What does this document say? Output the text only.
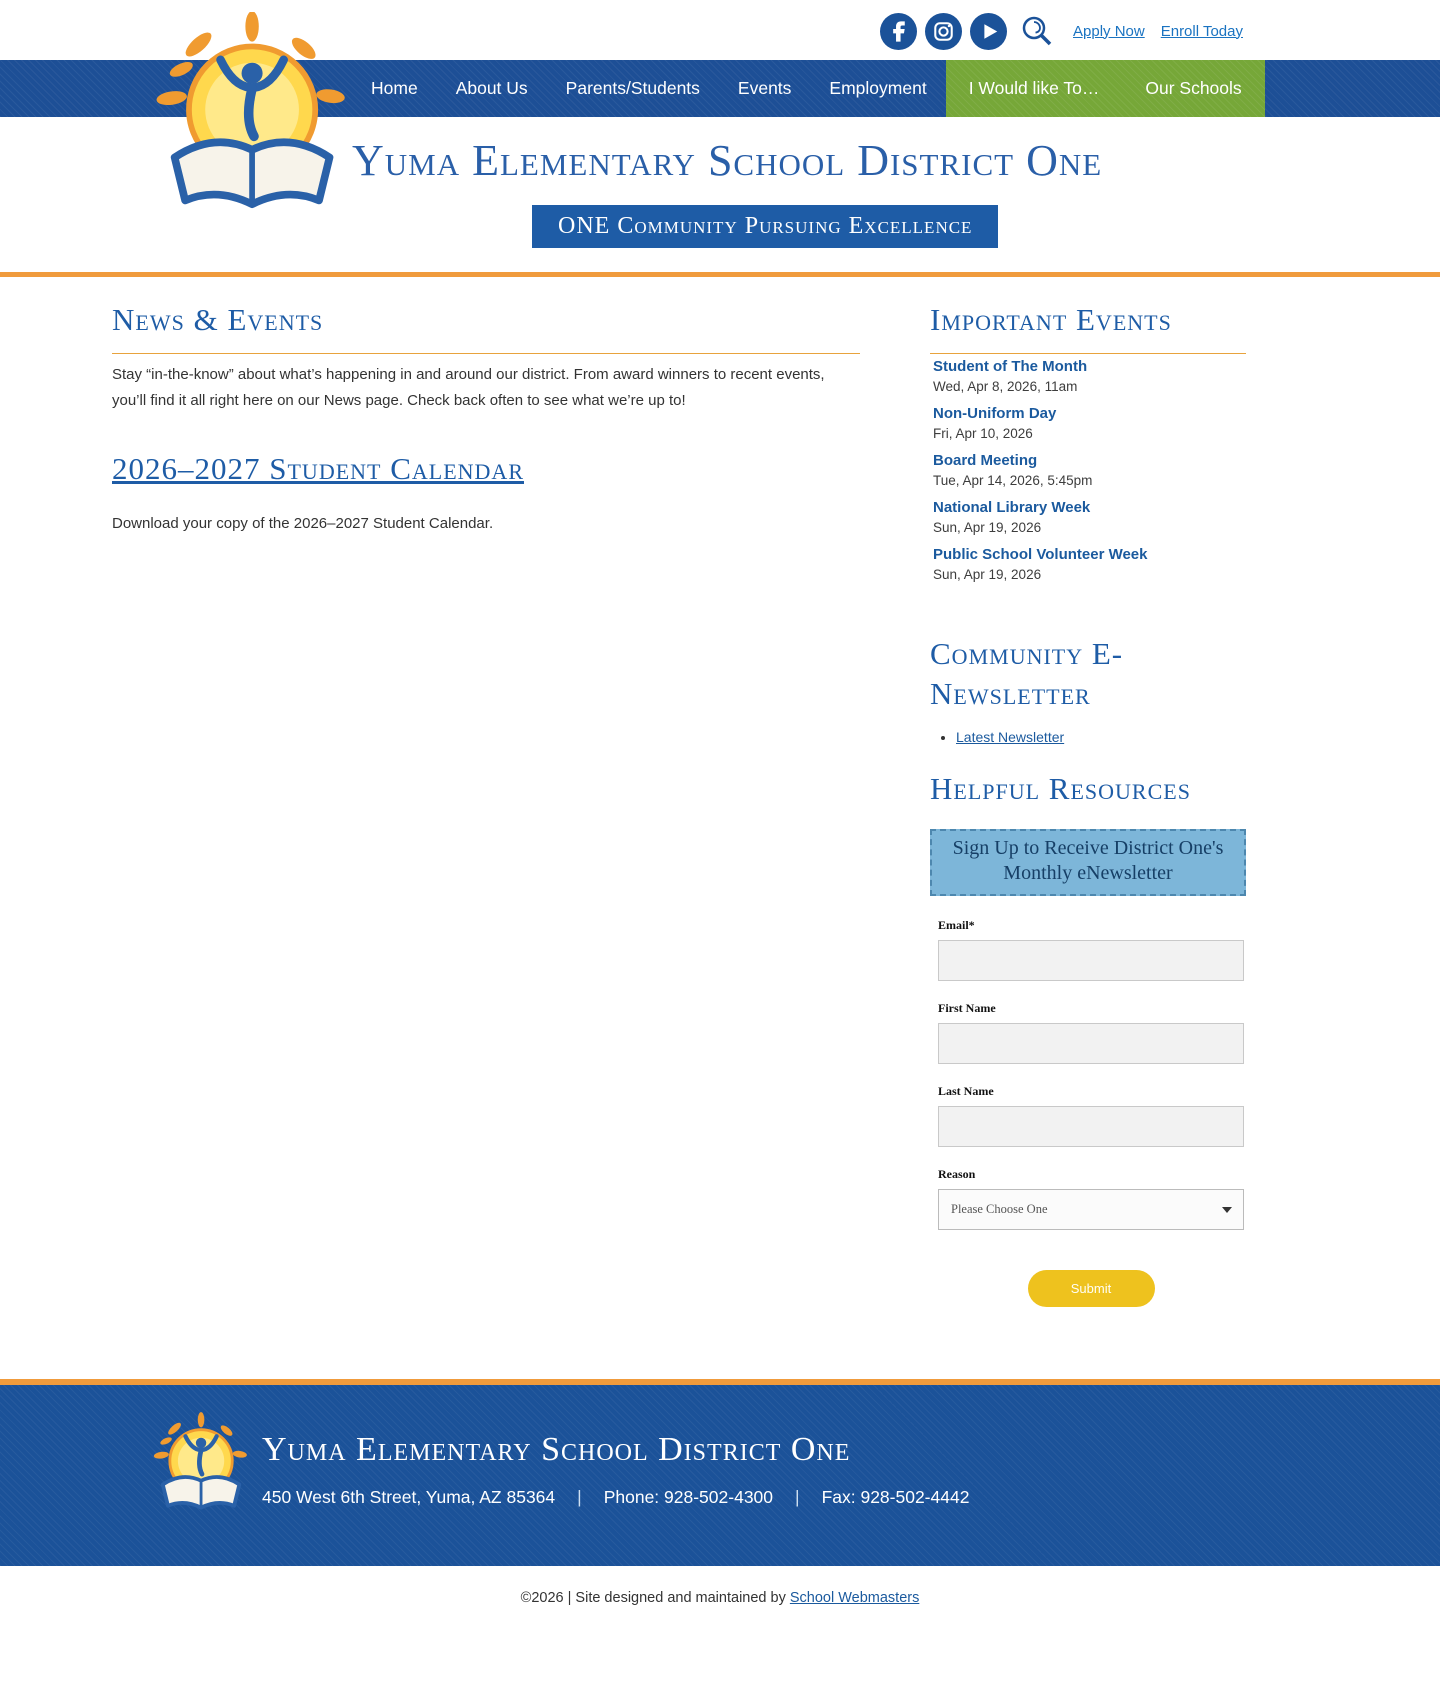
Apply Now Enroll Today
Home	About Us	Parents/Students	Events	Employment	I Would like To…	Our Schools
Yuma Elementary School District One
ONE Community Pursuing Excellence
News & Events

Stay “in-the-know” about what’s happening in and around our district. From award winners to recent events, you’ll find it all right here on our News page. Check back often to see what we’re up to!

2026–2027 Student Calendar

Download your copy of the 2026–2027 Student Calendar.

Important Events
Student of The Month
Wed, Apr 8, 2026, 11am
Non-Uniform Day
Fri, Apr 10, 2026
Board Meeting
Tue, Apr 14, 2026, 5:45pm
National Library Week
Sun, Apr 19, 2026
Public School Volunteer Week
Sun, Apr 19, 2026
Community E-Newsletter
• Latest Newsletter
Helpful Resources
Sign Up to Receive District One's Monthly eNewsletter
Email*
First Name
Last Name
Reason
Please Choose One
Submit
Yuma Elementary School District One
450 West 6th Street, Yuma, AZ 85364 | Phone: 928-502-4300 | Fax: 928-502-4442
©2026 | Site designed and maintained by School Webmasters
